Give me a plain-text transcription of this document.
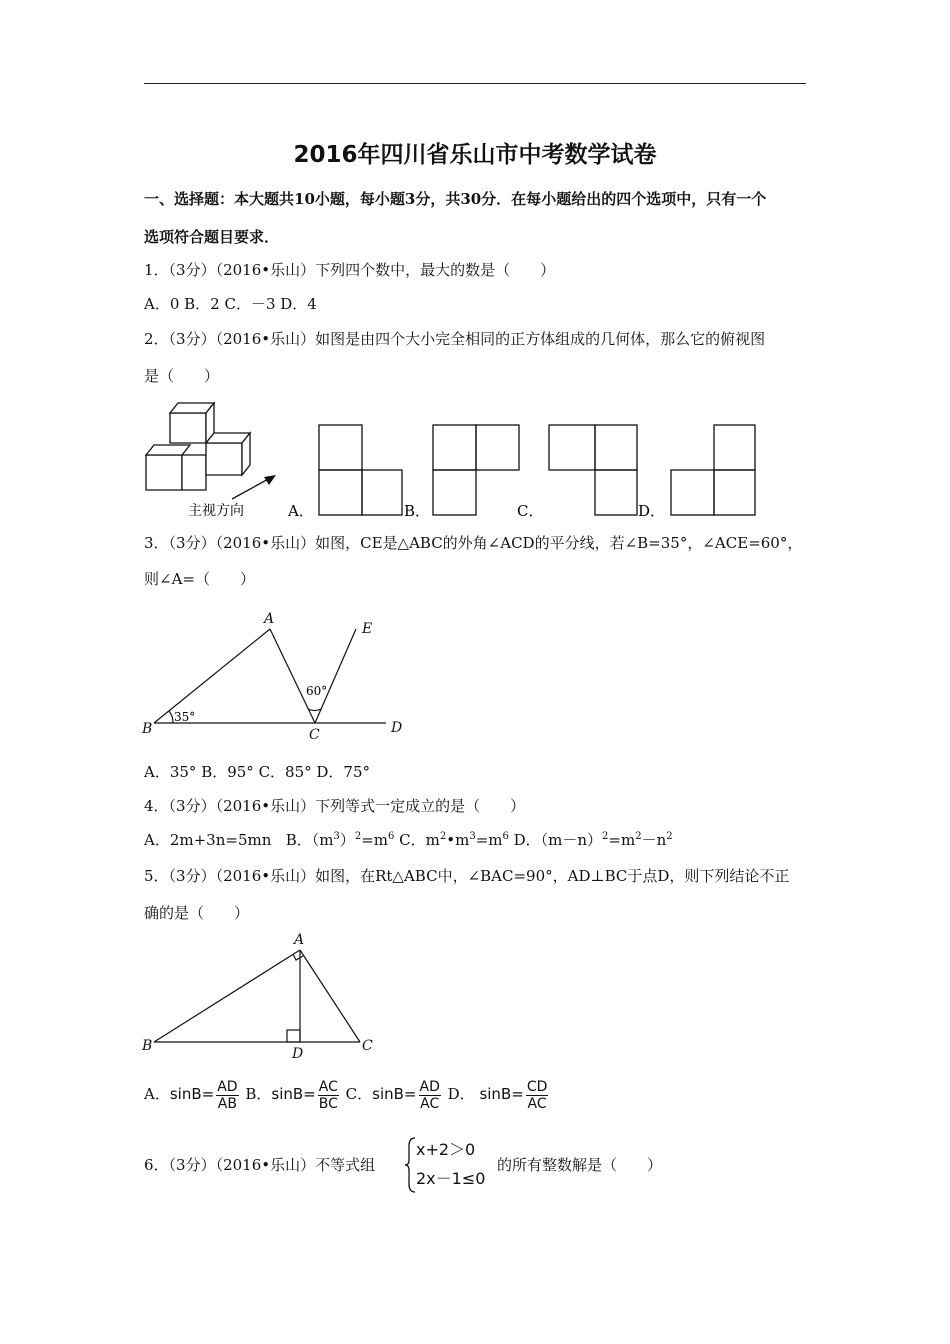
2016年四川省乐山市中考数学试卷
一、选择题：本大题共10小题，每小题3分，共30分．在每小题给出的四个选项中，只有一个
选项符合题目要求．
1．（3分）（2016•乐山）下列四个数中，最大的数是（　　）
A．0 B．2 C．－3 D．4
2．（3分）（2016•乐山）如图是由四个大小完全相同的正方体组成的几何体，那么它的俯视图
是（　　）
主视方向	A．	B．	C．	D．
3．（3分）（2016•乐山）如图，CE是△ABC的外角∠ACD的平分线，若∠B=35°，∠ACE=60°，
则∠A=（　　）
A
B	C	D
E
35°
60°
A．35° B．95° C．85° D．75°
4．（3分）（2016•乐山）下列等式一定成立的是（　　）
A．2m+3n=5mn B．$(m^3)^2=m^6$ C．$m^2•m^3=m^6$ D．$(m-n)^2=m^2-n^2$
5．（3分）（2016•乐山）如图，在Rt△ABC中，∠BAC=90°，AD⊥BC于点D，则下列结论不正
确的是（　　）
A
B	C
D
A．$\sin B= \frac{AD}{AB}$ B．$\sin B= \frac{AC}{BC}$ C．$\sin B= \frac{AD}{AC}$ D． $\sin B= \frac{CD}{AC}$
6．（3分）（2016•乐山）不等式组
x+2＞0
2x－1≤0
的所有整数解是（　　）
